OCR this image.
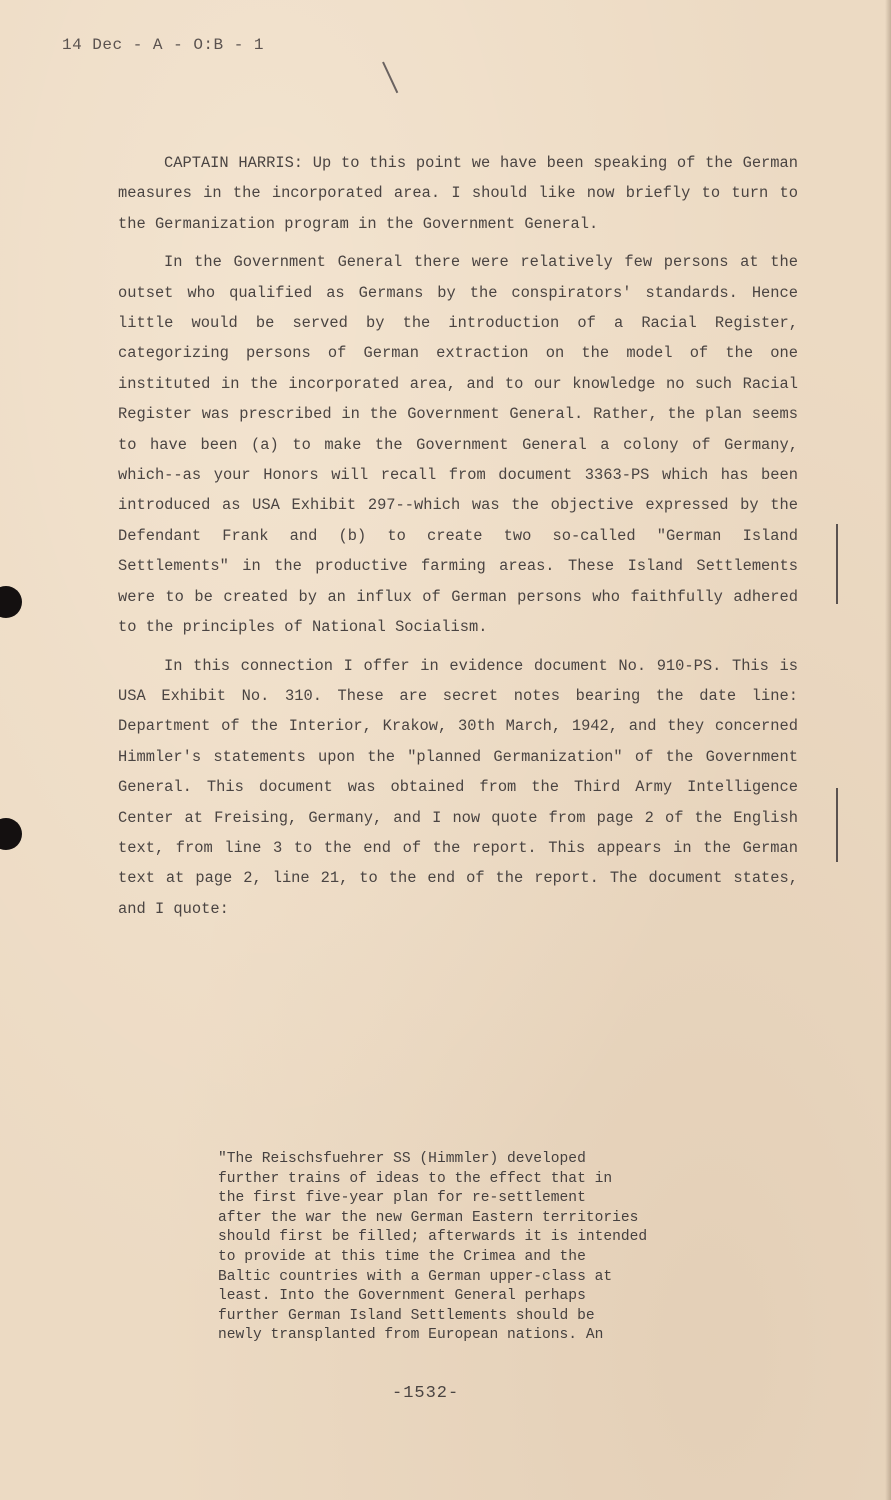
14 Dec - A - O:B - 1

CAPTAIN HARRIS: Up to this point we have been speaking of the German measures in the incorporated area. I should like now briefly to turn to the Germanization program in the Government General.

In the Government General there were relatively few persons at the outset who qualified as Germans by the conspirators' standards. Hence little would be served by the introduction of a Racial Register, categorizing persons of German extraction on the model of the one instituted in the incorporated area, and to our knowledge no such Racial Register was prescribed in the Government General. Rather, the plan seems to have been (a) to make the Government General a colony of Germany, which--as your Honors will recall from document 3363-PS which has been introduced as USA Exhibit 297--which was the objective expressed by the Defendant Frank and (b) to create two so-called "German Island Settlements" in the productive farming areas. These Island Settlements were to be created by an influx of German persons who faithfully adhered to the principles of National Socialism.

In this connection I offer in evidence document No. 910-PS. This is USA Exhibit No. 310. These are secret notes bearing the date line: Department of the Interior, Krakow, 30th March, 1942, and they concerned Himmler's statements upon the "planned Germanization" of the Government General. This document was obtained from the Third Army Intelligence Center at Freising, Germany, and I now quote from page 2 of the English text, from line 3 to the end of the report. This appears in the German text at page 2, line 21, to the end of the report. The document states, and I quote:

"The Reischsfuehrer SS (Himmler) developed

further trains of ideas to the effect that in

the first five-year plan for re-settlement

after the war the new German Eastern territories

should first be filled; afterwards it is intended

to provide at this time the Crimea and the

Baltic countries with a German upper-class at

least. Into the Government General perhaps

further German Island Settlements should be

newly transplanted from European nations. An

-1532-
